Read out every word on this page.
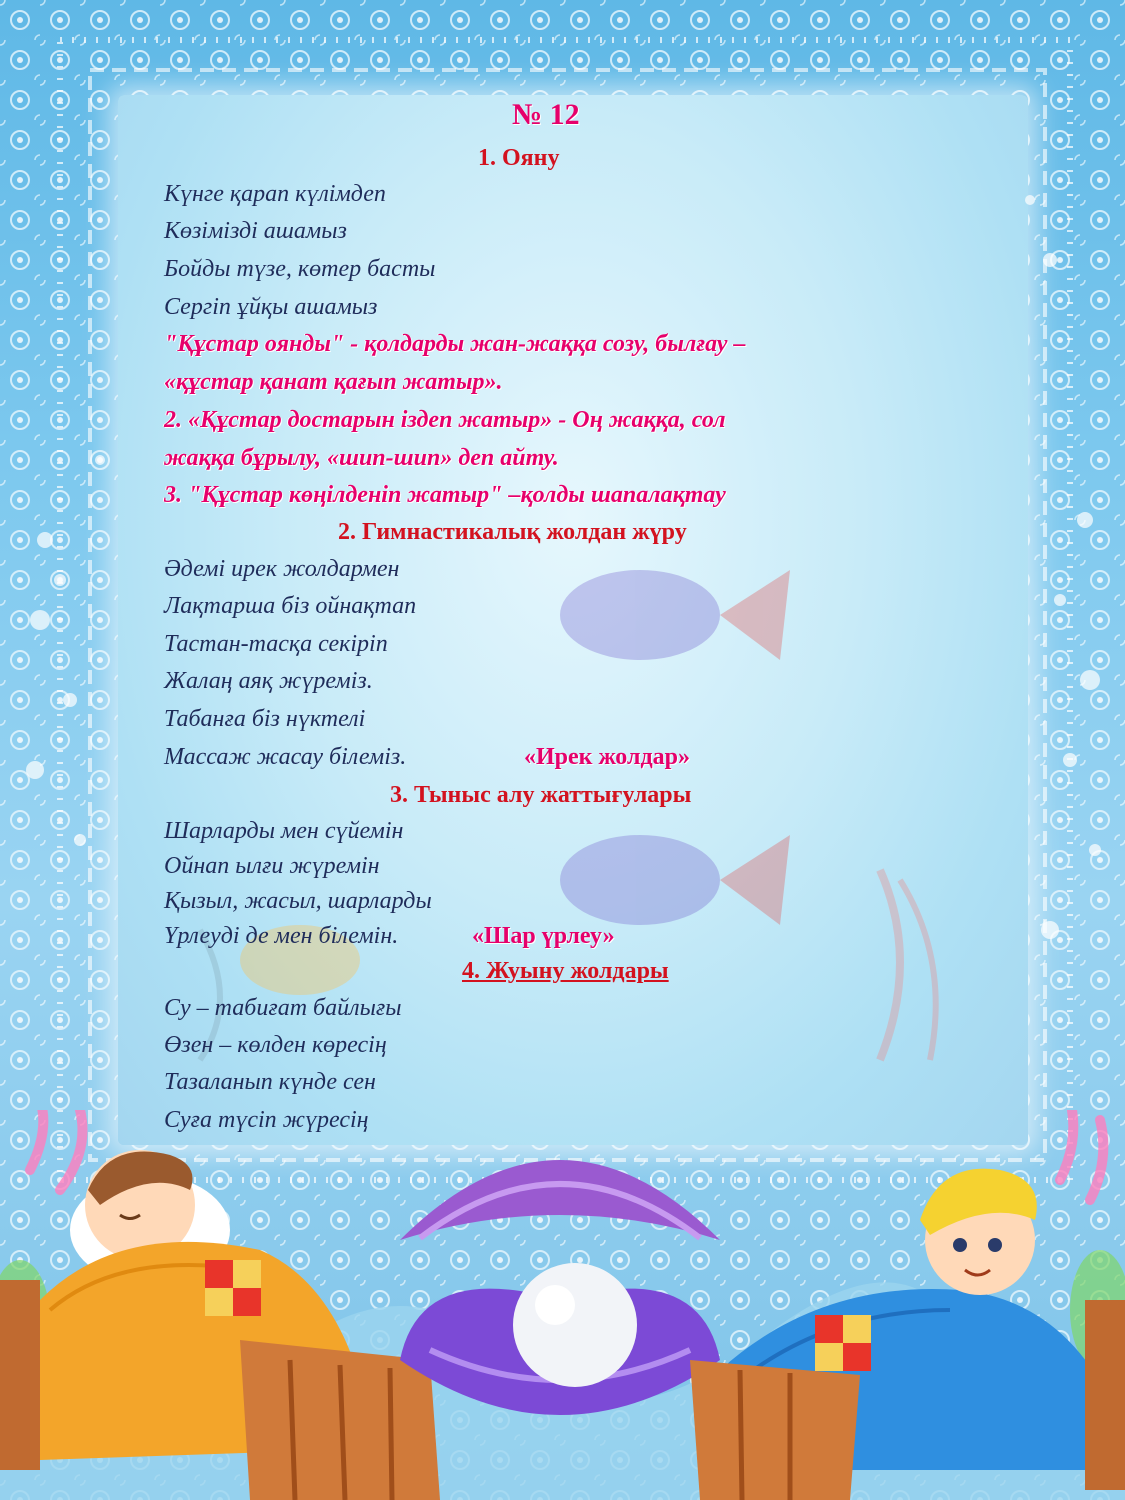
№ 12
1. Ояну
Күнге қарап күлімдеп
Көзімізді ашамыз
Бойды түзе, көтер басты
Сергіп ұйқы ашамыз
"Құстар оянды" - қолдарды жан-жаққа созу, былғау –
«құстар қанат қағып жатыр».
2. «Құстар достарын іздеп жатыр» - Оң жаққа, сол
жаққа бұрылу, «шип-шип» деп айту.
3. "Құстар көңілденіп жатыр" –қолды шапалақтау
2. Гимнастикалық жолдан жүру
Әдемі ирек жолдармен
Лақтарша біз ойнақтап
Тастан-тасқа секіріп
Жалаң аяқ жүреміз.
Табанға біз нүктелі
Массаж жасау білеміз.	«Ирек жолдар»
3. Тыныс алу жаттығулары
Шарларды мен сүйемін
Ойнап ылғи жүремін
Қызыл, жасыл, шарларды
Үрлеуді де мен білемін.	«Шар үрлеу»
4. Жуыну жолдары
Су – табиғат байлығы
Өзен – көлден көресің
Тазаланып күнде сен
Суға түсіп жүресің
